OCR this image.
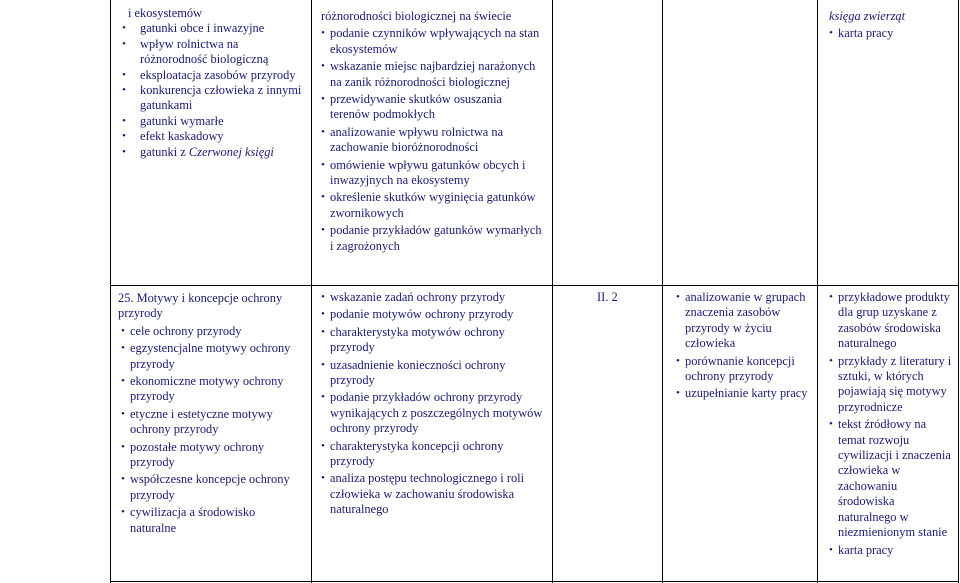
i ekosystemów
• gatunki obce i inwazyjne
• wpływ rolnictwa na różnorodność biologiczną
• eksploatacja zasobów przyrody
• konkurencja człowieka z innymi gatunkami
• gatunki wymarłe
• efekt kaskadowy
• gatunki z Czerwonej księgi
25. Motywy i koncepcje ochrony przyrody
• cele ochrony przyrody
• egzystencjalne motywy ochrony przyrody
• ekonomiczne motywy ochrony przyrody
• etyczne i estetyczne motywy ochrony przyrody
• pozostałe motywy ochrony przyrody
• współczesne koncepcje ochrony przyrody
• cywilizacja a środowisko naturalne
różnorodności biologicznej na świecie
• podanie czynników wpływających na stan ekosystemów
• wskazanie miejsc najbardziej narażonych na zanik różnorodności biologicznej
• przewidywanie skutków osuszania terenów podmokłych
• analizowanie wpływu rolnictwa na zachowanie bioróżnorodności
• omówienie wpływu gatunków obcych i inwazyjnych na ekosystemy
• określenie skutków wyginięcia gatunków zwornikowych
• podanie przykładów gatunków wymarłych i zagrożonych
• wskazanie zadań ochrony przyrody
• podanie motywów ochrony przyrody
• charakterystyka motywów ochrony przyrody
• uzasadnienie konieczności ochrony przyrody
• podanie przykładów ochrony przyrody wynikających z poszczególnych motywów ochrony przyrody
• charakterystyka koncepcji ochrony przyrody
• analiza postępu technologicznego i roli człowieka w zachowaniu środowiska naturalnego
II. 2
•	analizowanie w grupach znaczenia zasobów przyrody w życiu człowieka
• porównanie koncepcji ochrony przyrody
• uzupełnianie karty pracy
księga zwierząt
• karta pracy
• przykładowe produkty dla grup uzyskane z zasobów środowiska naturalnego
• przykłady z literatury i sztuki, w których pojawiają się motywy przyrodnicze
• tekst źródłowy na temat rozwoju cywilizacji i znaczenia człowieka w zachowaniu środowiska naturalnego w niezmienionym stanie
• karta pracy
